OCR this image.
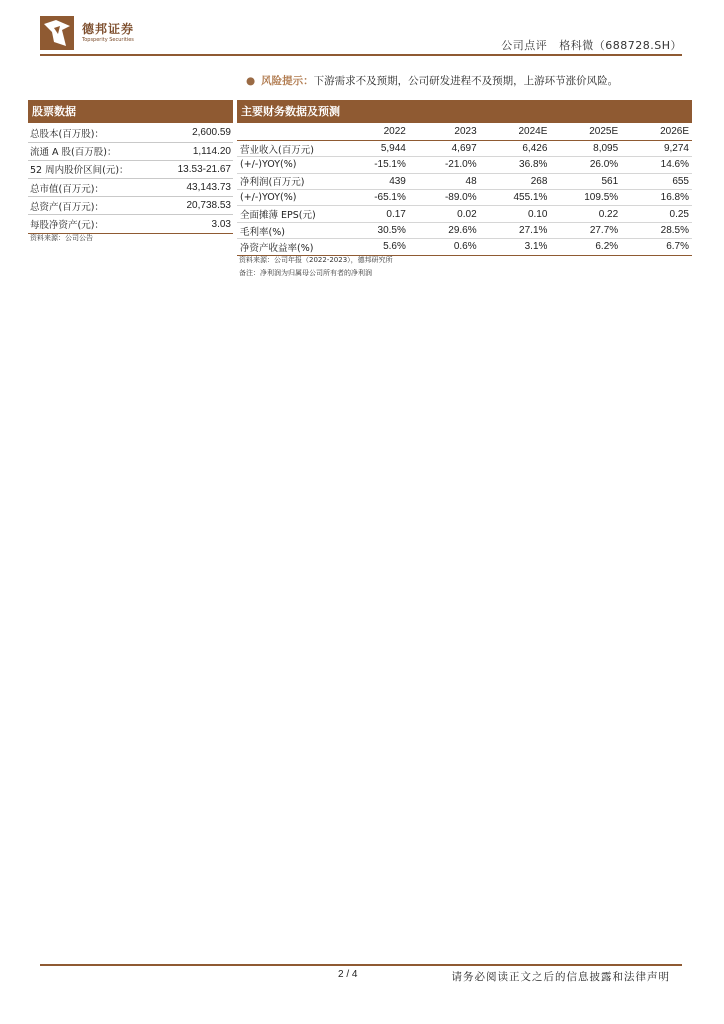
德邦证券
Topsperity Securities	公司点评 格科微（688728.SH）
● 风险提示：下游需求不及预期，公司研发进程不及预期，上游环节涨价风险。
股票数据
总股本(百万股)：	2,600.59
流通 A 股(百万股)：	1,114.20
52 周内股价区间(元)：	13.53-21.67
总市值(百万元)：	43,143.73
总资产(百万元)：	20,738.53
每股净资产(元)：	3.03
资料来源：公司公告
主要财务数据及预测
	2022	2023	2024E	2025E	2026E
营业收入(百万元)	5,944	4,697	6,426	8,095	9,274
(+/-)YOY(%)	-15.1%	-21.0%	36.8%	26.0%	14.6%
净利润(百万元)	439	48	268	561	655
(+/-)YOY(%)	-65.1%	-89.0%	455.1%	109.5%	16.8%
全面摊薄 EPS(元)	0.17	0.02	0.10	0.22	0.25
毛利率(%)	30.5%	29.6%	27.1%	27.7%	28.5%
净资产收益率(%)	5.6%	0.6%	3.1%	6.2%	6.7%
资料来源：公司年报（2022-2023），德邦研究所
备注：净利润为归属母公司所有者的净利润
2 / 4	请务必阅读正文之后的信息披露和法律声明
